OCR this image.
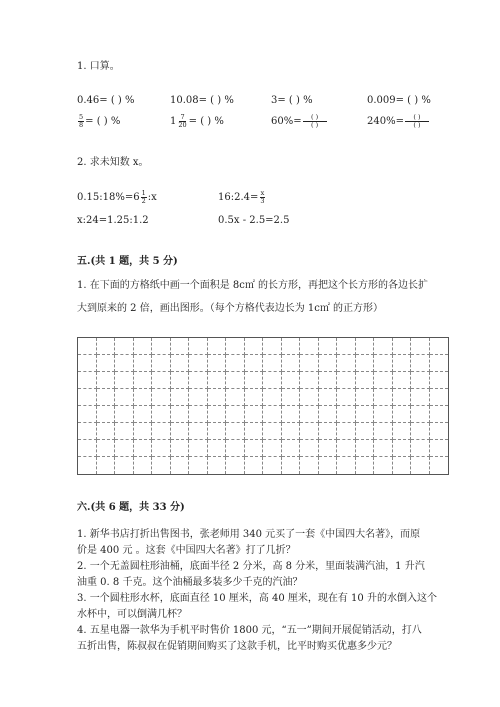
1. 口算。
0.46= ( ) %	10.08= ( ) %	3= ( ) %	0.009= ( ) %
$\frac{5}{8}$ = ( ) %	$1 \frac{7}{20}$ = ( ) %	$60\%= \frac{( )}{( )}$	$240\%= \frac{( )}{( )}$
2. 求未知数 x。
0.15:18%=6 $\frac{1}{2}$ :x	16:2.4= $\frac{x}{3}$
x:24=1.25:1.2	0.5x - 2.5=2.5
五.(共 1 题，共 5 分)
1. 在下面的方格纸中画一个面积是 8c㎡ 的长方形，再把这个长方形的各边长扩
大到原来的 2 倍，画出图形。（每个方格代表边长为 1c㎡ 的正方形）
六.(共 6 题，共 33 分)
1. 新华书店打折出售图书，张老师用 340 元买了一套《中国四大名著》，而原
价是 400 元 。这套《中国四大名著》打了几折？
2. 一个无盖圆柱形油桶，底面半径 2 分米，高 8 分米，里面装满汽油，1 升汽
油重 0. 8 千克。这个油桶最多装多少千克的汽油？
3. 一个圆柱形水杯，底面直径 10 厘米，高 40 厘米，现在有 10 升的水倒入这个
水杯中，可以倒满几杯？
4. 五星电器一款华为手机平时售价 1800 元，“五一”期间开展促销活动，打八
五折出售，陈叔叔在促销期间购买了这款手机，比平时购买优惠多少元？
